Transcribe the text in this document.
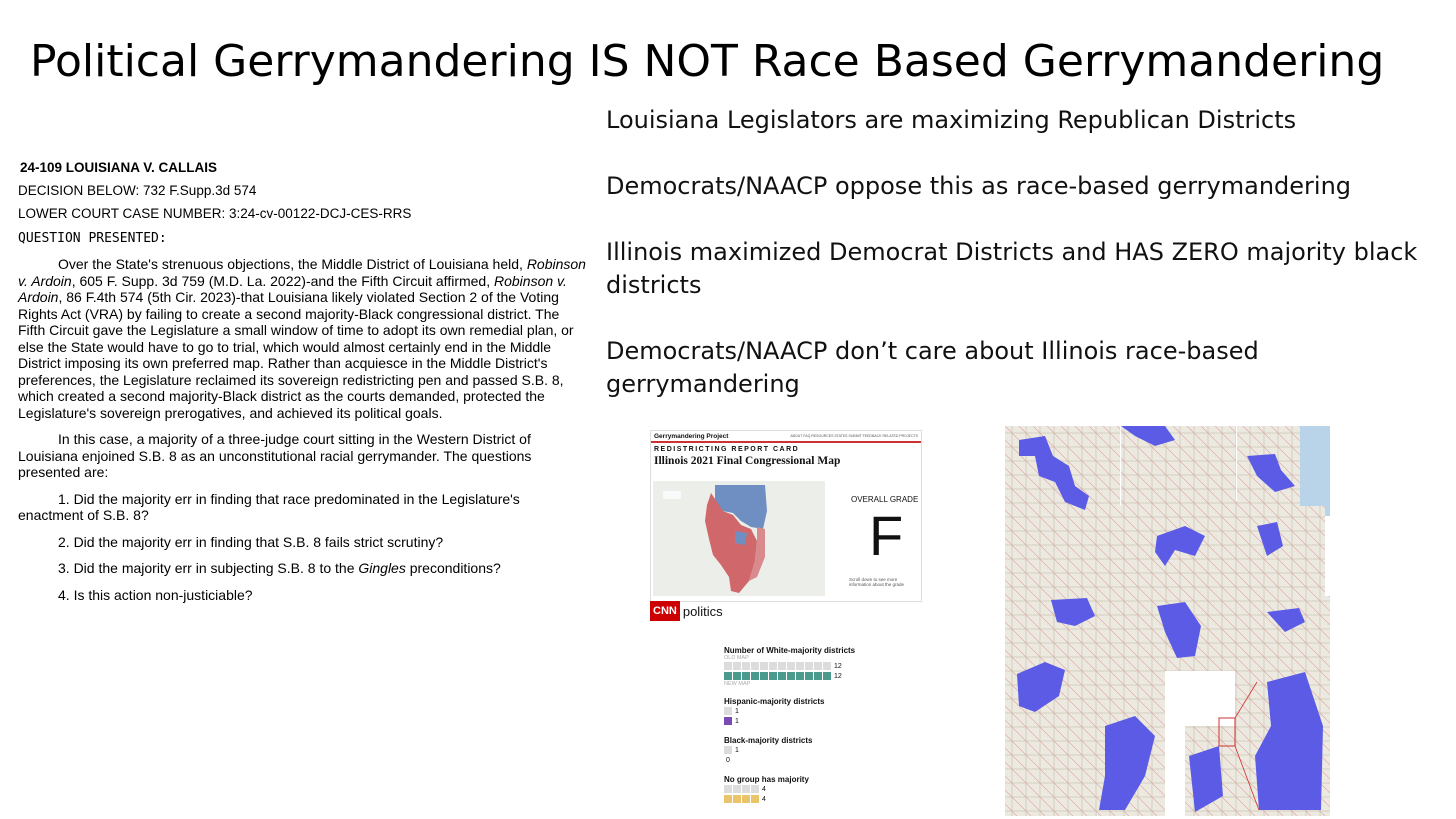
Political Gerrymandering IS NOT Race Based Gerrymandering
24-109 LOUISIANA V. CALLAIS
DECISION BELOW: 732 F.Supp.3d 574
LOWER COURT CASE NUMBER: 3:24-cv-00122-DCJ-CES-RRS
QUESTION PRESENTED:

Over the State's strenuous objections, the Middle District of Louisiana held, Robinson v. Ardoin, 605 F. Supp. 3d 759 (M.D. La. 2022)-and the Fifth Circuit affirmed, Robinson v. Ardoin, 86 F.4th 574 (5th Cir. 2023)-that Louisiana likely violated Section 2 of the Voting Rights Act (VRA) by failing to create a second majority-Black congressional district. The Fifth Circuit gave the Legislature a small window of time to adopt its own remedial plan, or else the State would have to go to trial, which would almost certainly end in the Middle District imposing its own preferred map. Rather than acquiesce in the Middle District's preferences, the Legislature reclaimed its sovereign redistricting pen and passed S.B. 8, which created a second majority-Black district as the courts demanded, protected the Legislature's sovereign prerogatives, and achieved its political goals.

In this case, a majority of a three-judge court sitting in the Western District of Louisiana enjoined S.B. 8 as an unconstitutional racial gerrymander. The questions presented are:

1. Did the majority err in finding that race predominated in the Legislature's enactment of S.B. 8?
2. Did the majority err in finding that S.B. 8 fails strict scrutiny?
3. Did the majority err in subjecting S.B. 8 to the Gingles preconditions?
4. Is this action non-justiciable?
Louisiana Legislators are maximizing Republican Districts
Democrats/NAACP oppose this as race-based gerrymandering
Illinois maximized Democrat Districts and HAS ZERO majority black districts
Democrats/NAACP don’t care about Illinois race-based gerrymandering
Gerrymandering Project	ABOUT FAQ RESOURCES STATES SUBMIT FEEDBACK RELATED PROJECTS
REDISTRICTING REPORT CARD
Illinois 2021 Final Congressional Map
OVERALL GRADE
F
Scroll down to see more information about the grade
CNN politics
Number of White-majority districts
OLD MAP
12
12
NEW MAP
Hispanic-majority districts
1
1
Black-majority districts
1
0
No group has majority
4
4
